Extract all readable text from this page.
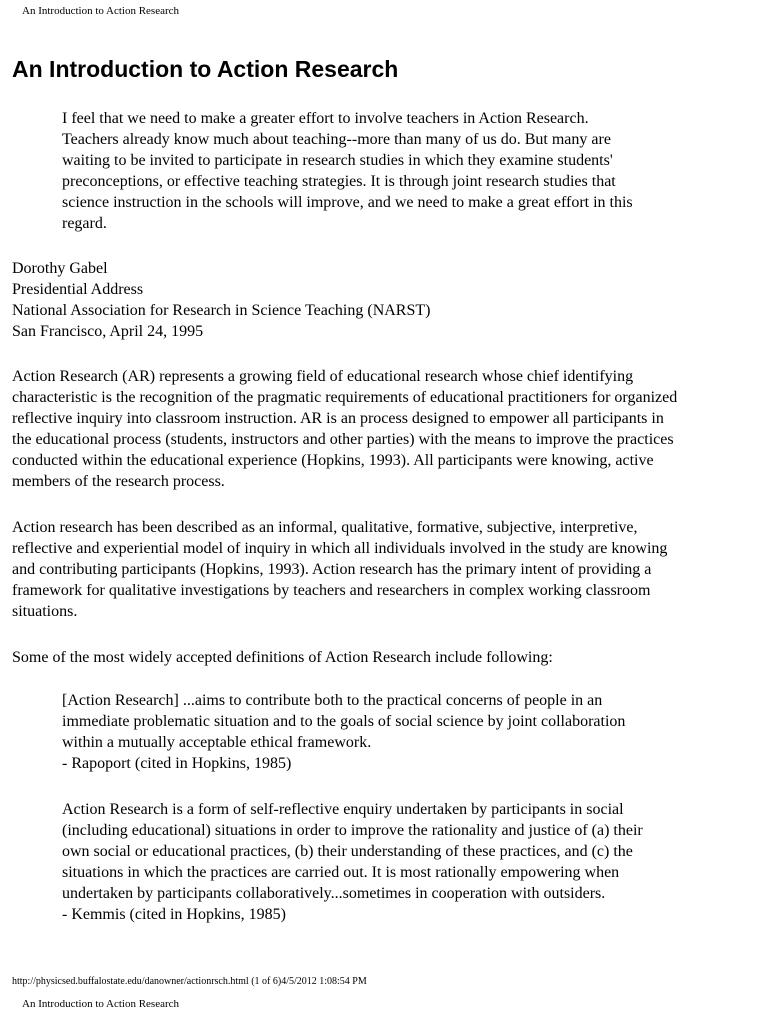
An Introduction to Action Research
An Introduction to Action Research
I feel that we need to make a greater effort to involve teachers in Action Research.
Teachers already know much about teaching--more than many of us do. But many are
waiting to be invited to participate in research studies in which they examine students'
preconceptions, or effective teaching strategies. It is through joint research studies that
science instruction in the schools will improve, and we need to make a great effort in this
regard.
Dorothy Gabel
Presidential Address
National Association for Research in Science Teaching (NARST)
San Francisco, April 24, 1995
Action Research (AR) represents a growing field of educational research whose chief identifying
characteristic is the recognition of the pragmatic requirements of educational practitioners for organized
reflective inquiry into classroom instruction. AR is an process designed to empower all participants in
the educational process (students, instructors and other parties) with the means to improve the practices
conducted within the educational experience (Hopkins, 1993). All participants were knowing, active
members of the research process.
Action research has been described as an informal, qualitative, formative, subjective, interpretive,
reflective and experiential model of inquiry in which all individuals involved in the study are knowing
and contributing participants (Hopkins, 1993). Action research has the primary intent of providing a
framework for qualitative investigations by teachers and researchers in complex working classroom
situations.
Some of the most widely accepted definitions of Action Research include following:
[Action Research] ...aims to contribute both to the practical concerns of people in an
immediate problematic situation and to the goals of social science by joint collaboration
within a mutually acceptable ethical framework.
- Rapoport (cited in Hopkins, 1985)
Action Research is a form of self-reflective enquiry undertaken by participants in social
(including educational) situations in order to improve the rationality and justice of (a) their
own social or educational practices, (b) their understanding of these practices, and (c) the
situations in which the practices are carried out. It is most rationally empowering when
undertaken by participants collaboratively...sometimes in cooperation with outsiders.
- Kemmis (cited in Hopkins, 1985)
http://physicsed.buffalostate.edu/danowner/actionrsch.html (1 of 6)4/5/2012 1:08:54 PM
An Introduction to Action Research
